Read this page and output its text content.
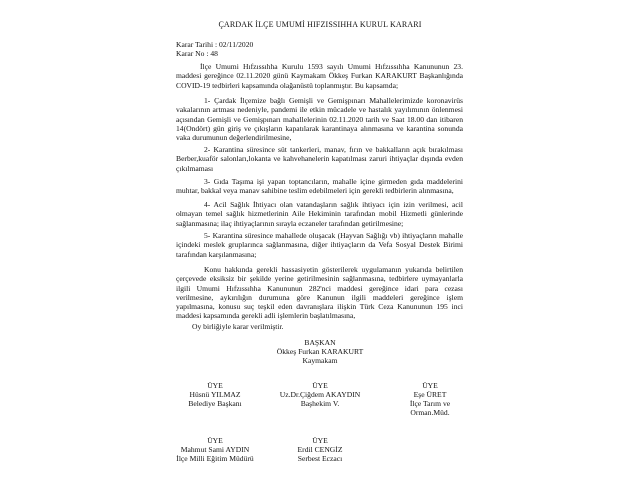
ÇARDAK İLÇE UMUMİ HIFZISSIHHA KURUL KARARI
Karar Tarihi : 02/11/2020
Karar No : 48
İlçe Umumi Hıfzıssıhha Kurulu 1593 sayılı Umumi Hıfzıssıhha Kanununun 23.
maddesi gereğince 02.11.2020 günü Kaymakam Ökkeş Furkan KARAKURT Başkanlığında
COVID-19 tedbirleri kapsamında olağanüstü toplanmıştır. Bu kapsamda;
1- Çardak İlçemize bağlı Gemişli ve Gemişpınarı Mahallelerimizde koronavirüs
vakalarının artması nedeniyle, pandemi ile etkin mücadele ve hastalık yayılımının önlenmesi
açısından Gemişli ve Gemişpınarı mahallelerinin 02.11.2020 tarih ve Saat 18.00 dan itibaren
14(Ondört) gün giriş ve çıkışların kapatılarak karantinaya alınmasına ve karantina sonunda
vaka durumunun değerlendirilmesine,
2- Karantina süresince süt tankerleri, manav, fırın ve bakkalların açık bırakılması
Berber,kuaför salonları,lokanta ve kahvehanelerin kapatılması zaruri ihtiyaçlar dışında evden
çıkılmaması
3- Gıda Taşıma işi yapan toptancıların, mahalle içine girmeden gıda maddelerini
muhtar, bakkal veya manav sahibine teslim edebilmeleri için gerekli tedbirlerin alınmasına,
4- Acil Sağlık İhtiyacı olan vatandaşların sağlık ihtiyacı için izin verilmesi, acil
olmayan temel sağlık hizmetlerinin Aile Hekiminin tarafından mobil Hizmetli günlerinde
sağlanmasına; ilaç ihtiyaçlarının sırayla eczaneler tarafından getirilmesine;
5- Karantina süresince mahallede oluşacak (Hayvan Sağlığı vb) ihtiyaçların mahalle
içindeki meslek gruplarınca sağlanmasına, diğer ihtiyaçların da Vefa Sosyal Destek Birimi
tarafından karşılanmasına;
Konu hakkında gerekli hassasiyetin gösterilerek uygulamanın yukarıda belirtilen
çerçevede eksiksiz bir şekilde yerine getirilmesinin sağlanmasına, tedbirlere uymayanlarla
ilgili Umumi Hıfzıssıhha Kanununun 282'nci maddesi gereğince idari para cezası
verilmesine, aykırılığın durumuna göre Kanunun ilgili maddeleri gereğince işlem
yapılmasına, konusu suç teşkil eden davranışlara ilişkin Türk Ceza Kanununun 195 inci
maddesi kapsamında gerekli adli işlemlerin başlatılmasına,
Oy birliğiyle karar verilmiştir.
BAŞKAN
Ökkeş Furkan KARAKURT
Kaymakam
ÜYE
Hüsnü YILMAZ
Belediye Başkanı
ÜYE
Uz.Dr.Çiğdem AKAYDIN
Başhekim V.
ÜYE
Eşe ÜRET
İlçe Tarım ve
Orman.Müd.
ÜYE
Mahmut Sami AYDIN
İlçe Milli Eğitim Müdürü
ÜYE
Erdil CENGİZ
Serbest Eczacı
